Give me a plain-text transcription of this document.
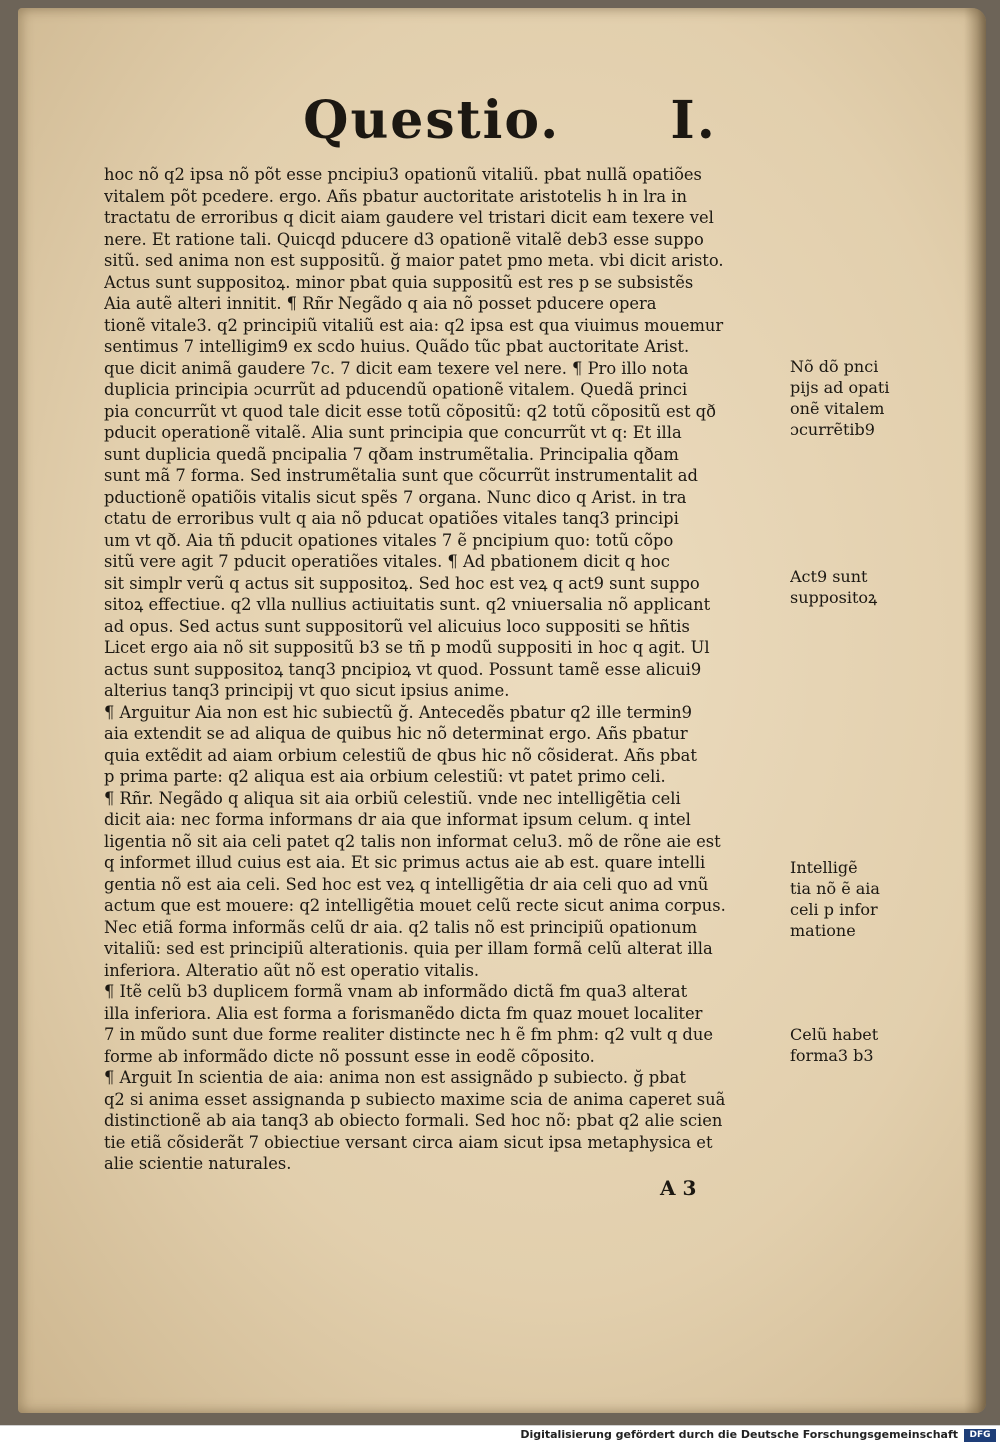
Questio. I.
hoc nõ q2 ipsa nõ põt esse pncipiu3 opationũ vitaliũ. pbat nullã opatiões
vitalem põt pcedere. ergo. Añs pbatur auctoritate aristotelis h in lra in
tractatu de erroribus q dicit aiam gaudere vel tristari dicit eam texere vel
nere. Et ratione tali. Quicqd pducere d3 opationẽ vitalẽ deb3 esse suppo
sitũ. sed anima non est suppositũ. ğ maior patet pmo meta. vbi dicit aristo.
Actus sunt suppositoꝝ. minor pbat quia suppositũ est res p se subsistẽs
Aia autẽ alteri innitit. ¶ Rñr Negãdo q aia nõ posset pducere opera
tionẽ vitale3. q2 principiũ vitaliũ est aia: q2 ipsa est qua viuimus mouemur
sentimus 7 intelligim9 ex scdo huius. Quãdo tũc pbat auctoritate Arist.
que dicit animã gaudere 7c. 7 dicit eam texere vel nere. ¶ Pro illo nota
duplicia principia ɔcurrũt ad pducendũ opationẽ vitalem. Quedã princi
pia concurrũt vt quod tale dicit esse totũ cõpositũ: q2 totũ cõpositũ est qð
pducit operationẽ vitalẽ. Alia sunt principia que concurrũt vt q: Et illa
sunt duplicia quedã pncipalia 7 qðam instrumẽtalia. Principalia qðam
sunt mã 7 forma. Sed instrumẽtalia sunt que cõcurrũt instrumentalit ad
pductionẽ opatiõis vitalis sicut spẽs 7 organa. Nunc dico q Arist. in tra
ctatu de erroribus vult q aia nõ pducat opatiões vitales tanq3 principi
um vt qð. Aia tñ pducit opationes vitales 7 ẽ pncipium quo: totũ cõpo
sitũ vere agit 7 pducit operatiões vitales. ¶ Ad pbationem dicit q hoc
sit simplr verũ q actus sit suppositoꝝ. Sed hoc est veꝝ q act9 sunt suppo
sitoꝝ effectiue. q2 vlla nullius actiuitatis sunt. q2 vniuersalia nõ applicant
ad opus. Sed actus sunt suppositorũ vel alicuius loco suppositi se hñtis
Licet ergo aia nõ sit suppositũ b3 se tñ p modũ suppositi in hoc q agit. Ul
actus sunt suppositoꝝ tanq3 pncipioꝝ vt quod. Possunt tamẽ esse alicui9
alterius tanq3 principij vt quo sicut ipsius anime.
¶ Arguitur Aia non est hic subiectũ ğ. Antecedẽs pbatur q2 ille termin9
aia extendit se ad aliqua de quibus hic nõ determinat ergo. Añs pbatur
quia extẽdit ad aiam orbium celestiũ de qbus hic nõ cõsiderat. Añs pbat
p prima parte: q2 aliqua est aia orbium celestiũ: vt patet primo celi.
¶ Rñr. Negãdo q aliqua sit aia orbiũ celestiũ. vnde nec intelligẽtia celi
dicit aia: nec forma informans dr aia que informat ipsum celum. q intel
ligentia nõ sit aia celi patet q2 talis non informat celu3. mõ de rõne aie est
q informet illud cuius est aia. Et sic primus actus aie ab est. quare intelli
gentia nõ est aia celi. Sed hoc est veꝝ q intelligẽtia dr aia celi quo ad vnũ
actum que est mouere: q2 intelligẽtia mouet celũ recte sicut anima corpus.
Nec etiã forma informãs celũ dr aia. q2 talis nõ est principiũ opationum
vitaliũ: sed est principiũ alterationis. quia per illam formã celũ alterat illa
inferiora. Alteratio aũt nõ est operatio vitalis.
¶ Itẽ celũ b3 duplicem formã vnam ab informãdo dictã fm qua3 alterat
illa inferiora. Alia est forma a forismanẽdo dicta fm quaz mouet localiter
7 in mũdo sunt due forme realiter distincte nec h ẽ fm phm: q2 vult q due
forme ab informãdo dicte nõ possunt esse in eodẽ cõposito.
¶ Arguit In scientia de aia: anima non est assignãdo p subiecto. ğ pbat
q2 si anima esset assignanda p subiecto maxime scia de anima caperet suã
distinctionẽ ab aia tanq3 ab obiecto formali. Sed hoc nõ: pbat q2 alie scien
tie etiã cõsiderãt 7 obiectiue versant circa aiam sicut ipsa metaphysica et
alie scientie naturales.
Nõ dõ pnci
pijs ad opati
onẽ vitalem
ɔcurrẽtib9
Act9 sunt
suppositoꝝ
Intelligẽ
tia nõ ẽ aia
celi p infor
matione
Celũ habet
forma3 b3
A 3
Digitalisierung gefördert durch die Deutsche Forschungsgemeinschaft	DFG
